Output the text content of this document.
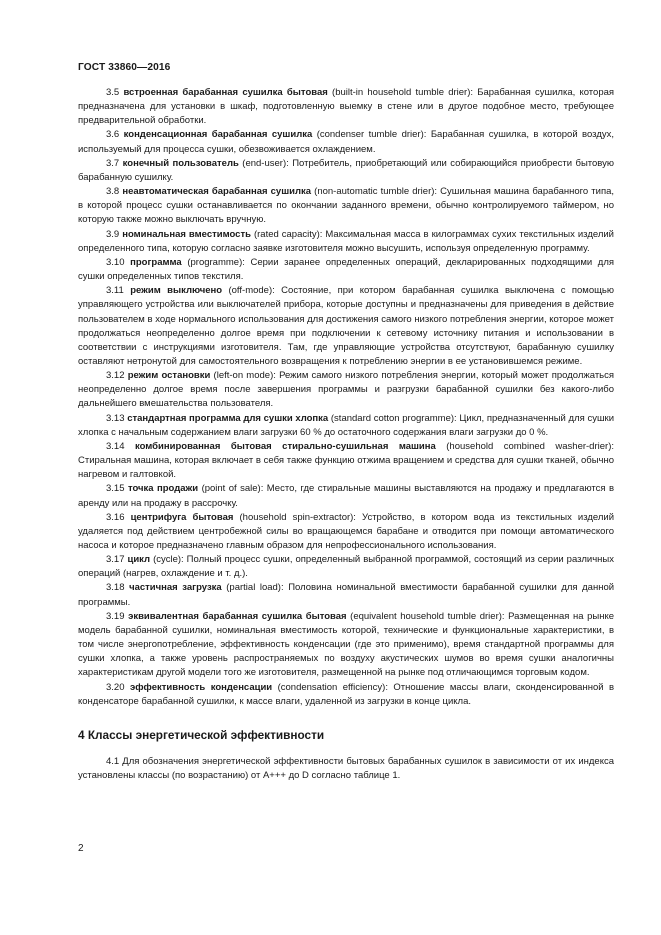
ГОСТ 33860—2016

3.5 встроенная барабанная сушилка бытовая (built-in household tumble drier): Барабанная сушилка, которая предназначена для установки в шкаф, подготовленную выемку в стене или в другое подобное место, требующее предварительной обработки.

3.6 конденсационная барабанная сушилка (condenser tumble drier): Барабанная сушилка, в которой воздух, используемый для процесса сушки, обезвоживается охлаждением.

3.7 конечный пользователь (end-user): Потребитель, приобретающий или собирающийся приобрести бытовую барабанную сушилку.

3.8 неавтоматическая барабанная сушилка (non-automatic tumble drier): Сушильная машина барабанного типа, в которой процесс сушки останавливается по окончании заданного времени, обычно контролируемого таймером, но которую также можно выключать вручную.

3.9 номинальная вместимость (rated capacity): Максимальная масса в килограммах сухих текстильных изделий определенного типа, которую согласно заявке изготовителя можно высушить, используя определенную программу.

3.10 программа (programme): Серии заранее определенных операций, декларированных подходящими для сушки определенных типов текстиля.

3.11 режим выключено (off-mode): Состояние, при котором барабанная сушилка выключена с помощью управляющего устройства или выключателей прибора, которые доступны и предназначены для приведения в действие пользователем в ходе нормального использования для достижения самого низкого потребления энергии, которое может продолжаться неопределенно долгое время при подключении к сетевому источнику питания и использовании в соответствии с инструкциями изготовителя. Там, где управляющие устройства отсутствуют, барабанную сушилку оставляют нетронутой для самостоятельного возвращения к потреблению энергии в ее установившемся режиме.

3.12 режим остановки (left-on mode): Режим самого низкого потребления энергии, который может продолжаться неопределенно долгое время после завершения программы и разгрузки барабанной сушилки без какого-либо дальнейшего вмешательства пользователя.

3.13 стандартная программа для сушки хлопка (standard cotton programme): Цикл, предназначенный для сушки хлопка с начальным содержанием влаги загрузки 60 % до остаточного содержания влаги загрузки до 0 %.

3.14 комбинированная бытовая стирально-сушильная машина (household combined washer-drier): Стиральная машина, которая включает в себя также функцию отжима вращением и средства для сушки тканей, обычно нагревом и галтовкой.

3.15 точка продажи (point of sale): Место, где стиральные машины выставляются на продажу и предлагаются в аренду или на продажу в рассрочку.

3.16 центрифуга бытовая (household spin-extractor): Устройство, в котором вода из текстильных изделий удаляется под действием центробежной силы во вращающемся барабане и отводится при помощи автоматического насоса и которое предназначено главным образом для непрофессионального использования.

3.17 цикл (cycle): Полный процесс сушки, определенный выбранной программой, состоящий из серии различных операций (нагрев, охлаждение и т. д.).

3.18 частичная загрузка (partial load): Половина номинальной вместимости барабанной сушилки для данной программы.

3.19 эквивалентная барабанная сушилка бытовая (equivalent household tumble drier): Размещенная на рынке модель барабанной сушилки, номинальная вместимость которой, технические и функциональные характеристики, в том числе энергопотребление, эффективность конденсации (где это применимо), время стандартной программы для сушки хлопка, а также уровень распространяемых по воздуху акустических шумов во время сушки аналогичны характеристикам другой модели того же изготовителя, размещенной на рынке под отличающимся торговым кодом.

3.20 эффективность конденсации (condensation efficiency): Отношение массы влаги, сконденсированной в конденсаторе барабанной сушилки, к массе влаги, удаленной из загрузки в конце цикла.

4 Классы энергетической эффективности

4.1 Для обозначения энергетической эффективности бытовых барабанных сушилок в зависимости от их индекса установлены классы (по возрастанию) от A+++ до D согласно таблице 1.

2
